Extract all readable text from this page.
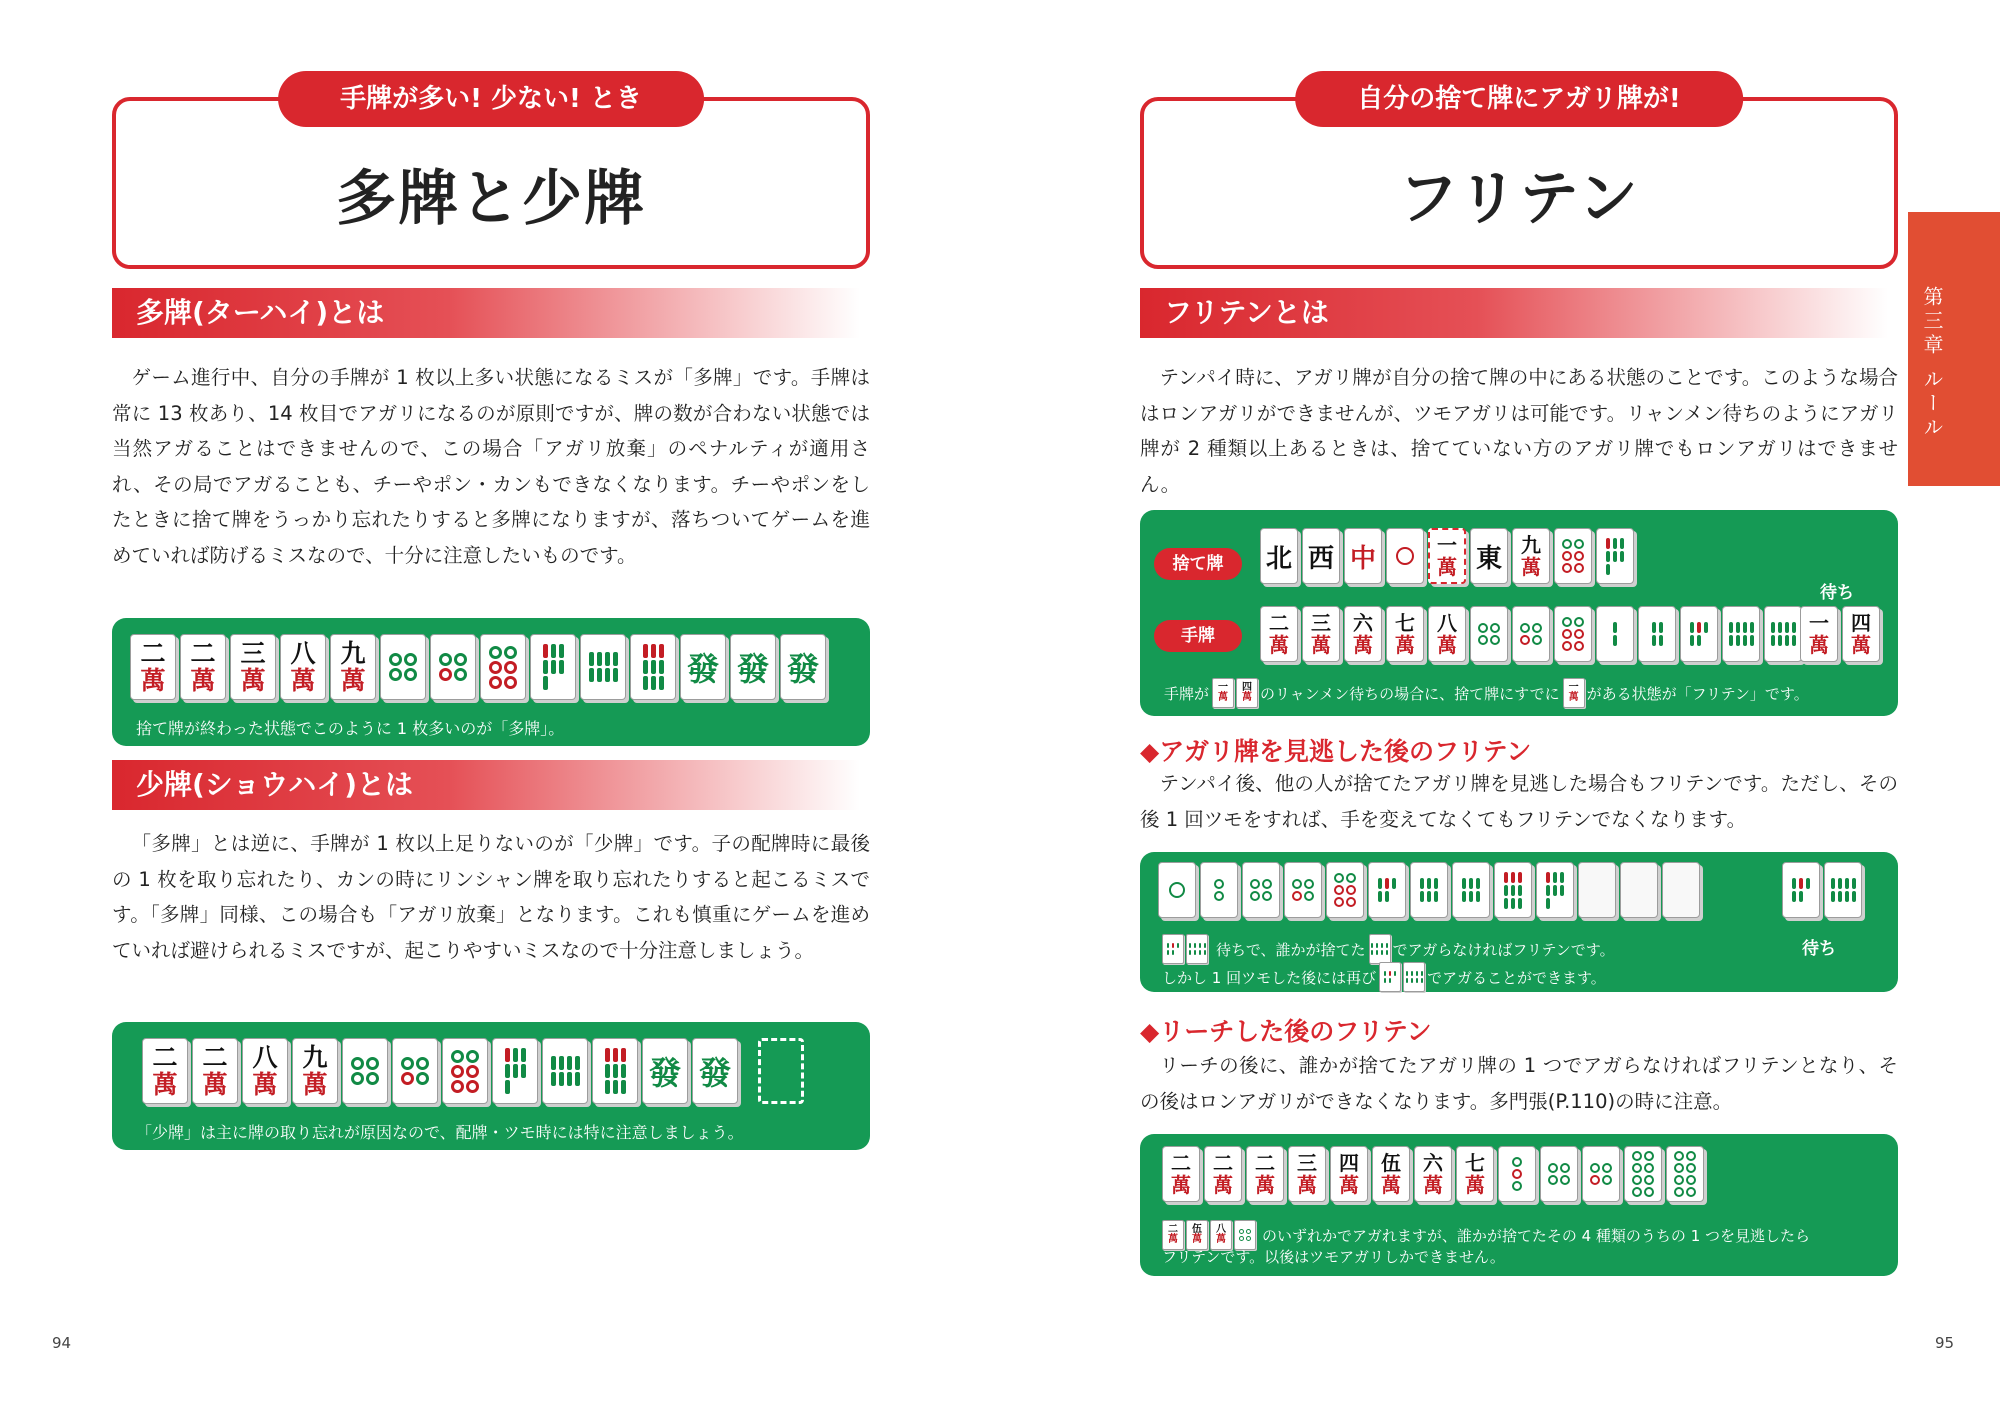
手牌が多い! 少ない! とき
多牌と少牌
多牌(ターハイ)とは
ゲーム進行中、自分の手牌が 1 枚以上多い状態になるミスが「多牌」です。手牌は常に 13 枚あり、14 枚目でアガリになるのが原則ですが、牌の数が合わない状態では当然アガることはできませんので、この場合「アガリ放棄」のペナルティが適用され、その局でアガることも、チーやポン・カンもできなくなります。チーやポンをしたときに捨て牌をうっかり忘れたりすると多牌になりますが、落ちついてゲームを進めていれば防げるミスなので、十分に注意したいものです。
二
萬
二
萬
三
萬
八
萬
九
萬	發 發 發
捨て牌が終わった状態でこのように 1 枚多いのが「多牌」。
少牌(ショウハイ)とは
「多牌」とは逆に、手牌が 1 枚以上足りないのが「少牌」です。子の配牌時に最後の 1 枚を取り忘れたり、カンの時にリンシャン牌を取り忘れたりすると起こるミスです。「多牌」同様、この場合も「アガリ放棄」となります。これも慎重にゲームを進めていれば避けられるミスですが、起こりやすいミスなので十分注意しましょう。
二
萬
二
萬
八
萬
九
萬	發 發
「少牌」は主に牌の取り忘れが原因なので、配牌・ツモ時には特に注意しましょう。
94
自分の捨て牌にアガリ牌が!
フリテン
フリテンとは
テンパイ時に、アガリ牌が自分の捨て牌の中にある状態のことです。このような場合はロンアガリができませんが、ツモアガリは可能です。リャンメン待ちのようにアガリ牌が 2 種類以上あるときは、捨てていない方のアガリ牌でもロンアガリはできません。
捨て牌	北 西 中	一
萬 東 九
萬
手牌
二
萬
三
萬
六
萬
七
萬
八
萬
待ち
一
萬
四
萬
手牌が 一
萬
四
萬 のリャンメン待ちの場合に、捨て牌にすでに 一
萬 がある状態が「フリテン」です。
◆アガリ牌を見逃した後のフリテン
テンパイ後、他の人が捨てたアガリ牌を見逃した場合もフリテンです。ただし、その後 1 回ツモをすれば、手を変えてなくてもフリテンでなくなります。
待ち
待ちで、誰かが捨てた でアガらなければフリテンです。
しかし 1 回ツモした後には再び	でアガることができます。
◆リーチした後のフリテン
リーチの後に、誰かが捨てたアガリ牌の 1 つでアガらなければフリテンとなり、その後はロンアガリができなくなります。多門張(P.110)の時に注意。
二
萬
二
萬
二
萬
三
萬
四
萬
伍
萬
六
萬
七
萬
二
萬
伍
萬
八
萬 のいずれかでアガれますが、誰かが捨てたその 4 種類のうちの 1 つを見逃したら
フリテンです。以後はツモアガリしかできません。
95
第三章 ルール
